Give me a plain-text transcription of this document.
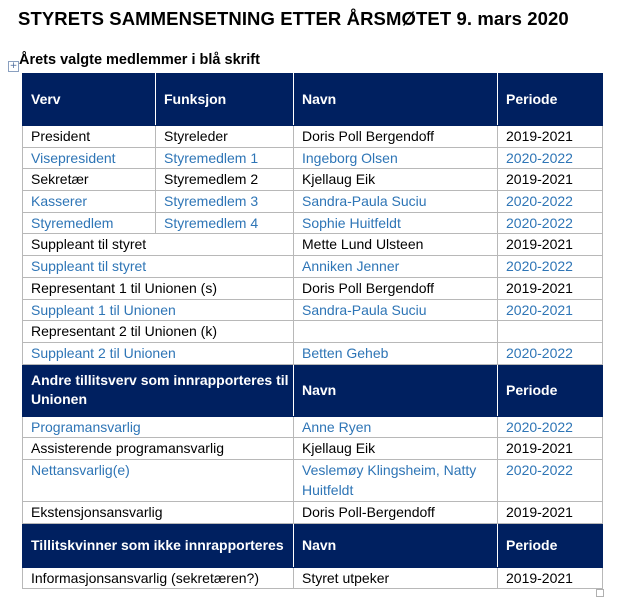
STYRETS SAMMENSETNING ETTER ÅRSMØTET 9. mars 2020
Årets valgte medlemmer i blå skrift
+
Verv	Funksjon	Navn	Periode
President	Styreleder	Doris Poll Bergendoff	2019-2021
Visepresident	Styremedlem 1	Ingeborg Olsen	2020-2022
Sekretær	Styremedlem 2	Kjellaug Eik	2019-2021
Kasserer	Styremedlem 3	Sandra-Paula Suciu	2020-2022
Styremedlem	Styremedlem 4	Sophie Huitfeldt	2020-2022
Suppleant til styret		Mette Lund Ulsteen	2019-2021
Suppleant til styret		Anniken Jenner	2020-2022
Representant 1 til Unionen (s)		Doris Poll Bergendoff	2019-2021
Suppleant 1 til Unionen		Sandra-Paula Suciu	2020-2021
Representant 2 til Unionen (k)			
Suppleant 2 til Unionen		Betten Geheb	2020-2022
Andre tillitsverv som innrapporteres til Unionen		Navn	Periode
Programansvarlig		Anne Ryen	2020-2022
Assisterende programansvarlig		Kjellaug Eik	2019-2021
Nettansvarlig(e)		Veslemøy Klingsheim, Natty Huitfeldt	2020-2022
Ekstensjonsansvarlig		Doris Poll-Bergendoff	2019-2021
Tillitskvinner som ikke innrapporteres		Navn	Periode
Informasjonsansvarlig (sekretæren?)		Styret utpeker	2019-2021
